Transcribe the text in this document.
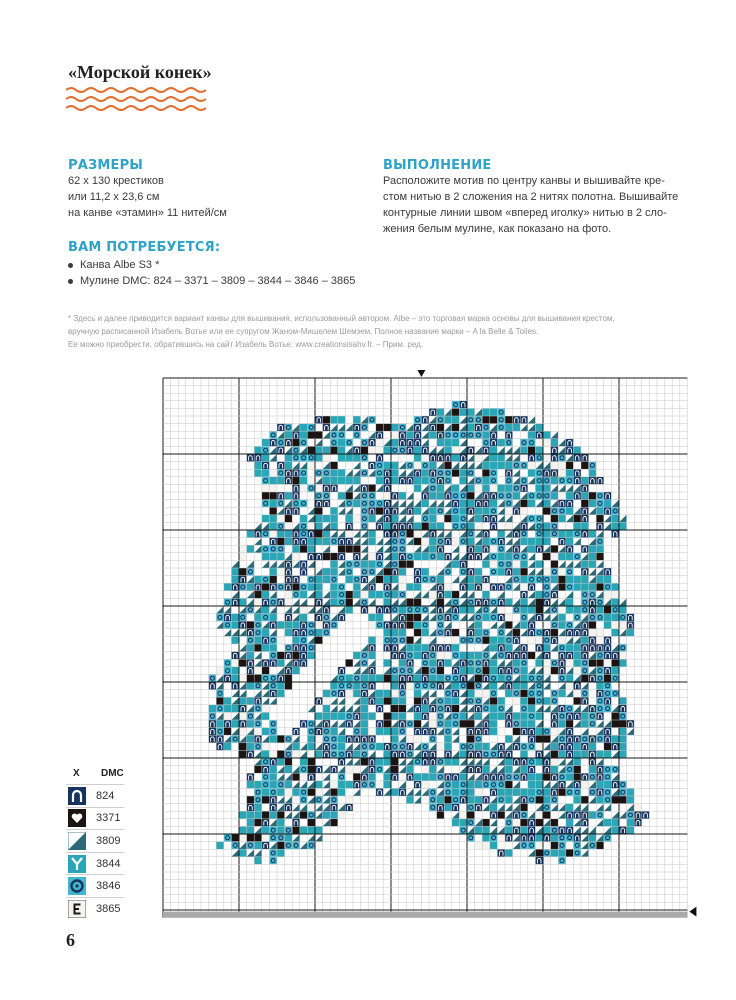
«Морской конек»
РАЗМЕРЫ

62 x 130 крестиков

или 11,2 x 23,6 см

на канве «этамин» 11 нитей/см

ВЫПОЛНЕНИЕ

Расположите мотив по центру канвы и вышивайте кре-

стом нитью в 2 сложения на 2 нитях полотна. Вышивайте

контурные линии швом «вперед иголку» нитью в 2 сло-

жения белым мулине, как показано на фото.

ВАМ ПОТРЕБУЕТСЯ:
Канва Albe S3 *
Мулине DMC: 824 – 3371 – 3809 – 3844 – 3846 – 3865
* Здесь и далее приводится вариант канвы для вышивания, использованный автором. Albe – это торговая марка основы для вышивания крестом,
вручную расписанной Изабель Вотье или ее супругом Жаном-Мишелем Шемзем. Полное название марки – A la Belle & Toiles.
Ее можно приобрести, обратившись на сайт Изабель Вотье: www.creationsisahv.fr. – Прим. ред.
X	DMC
824
3371
3809
3844
3846
3865

6
